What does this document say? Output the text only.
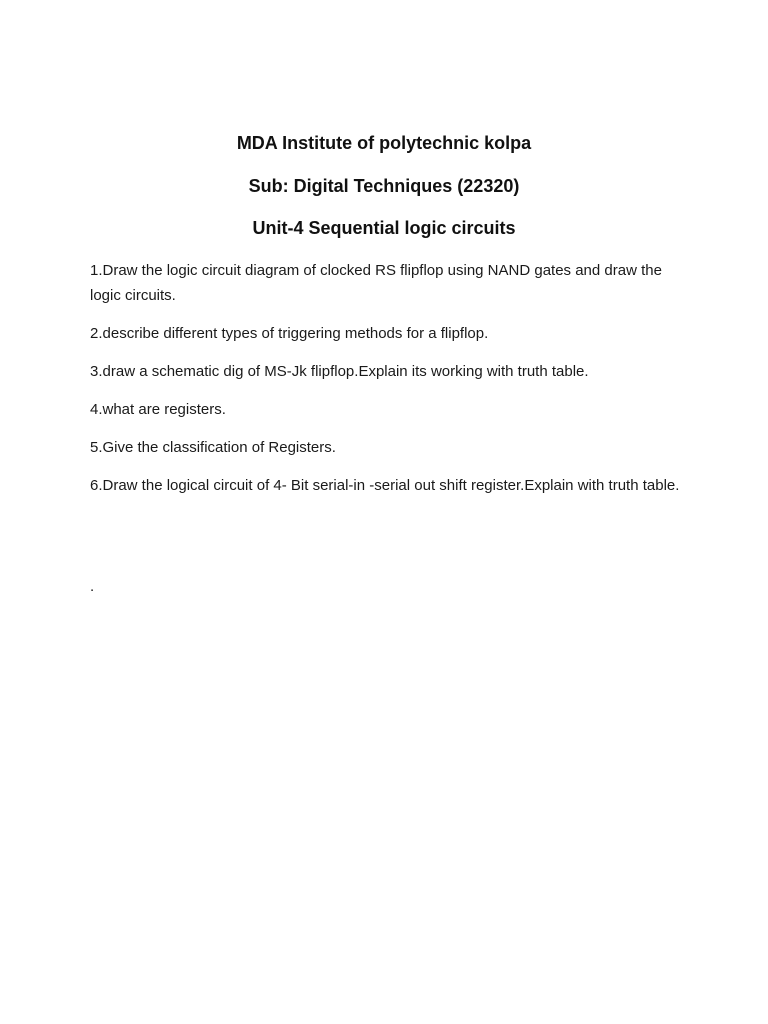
MDA Institute of polytechnic kolpa
Sub: Digital Techniques (22320)
Unit-4 Sequential logic circuits

1.Draw the logic circuit diagram of clocked RS flipflop using NAND gates and draw the logic circuits.

2.describe different types of triggering methods for a flipflop.

3.draw a schematic dig of MS-Jk flipflop.Explain its working with truth table.

4.what are registers.

5.Give the classification of Registers.

6.Draw the logical circuit of 4- Bit serial-in -serial out shift register.Explain with truth table.

.
